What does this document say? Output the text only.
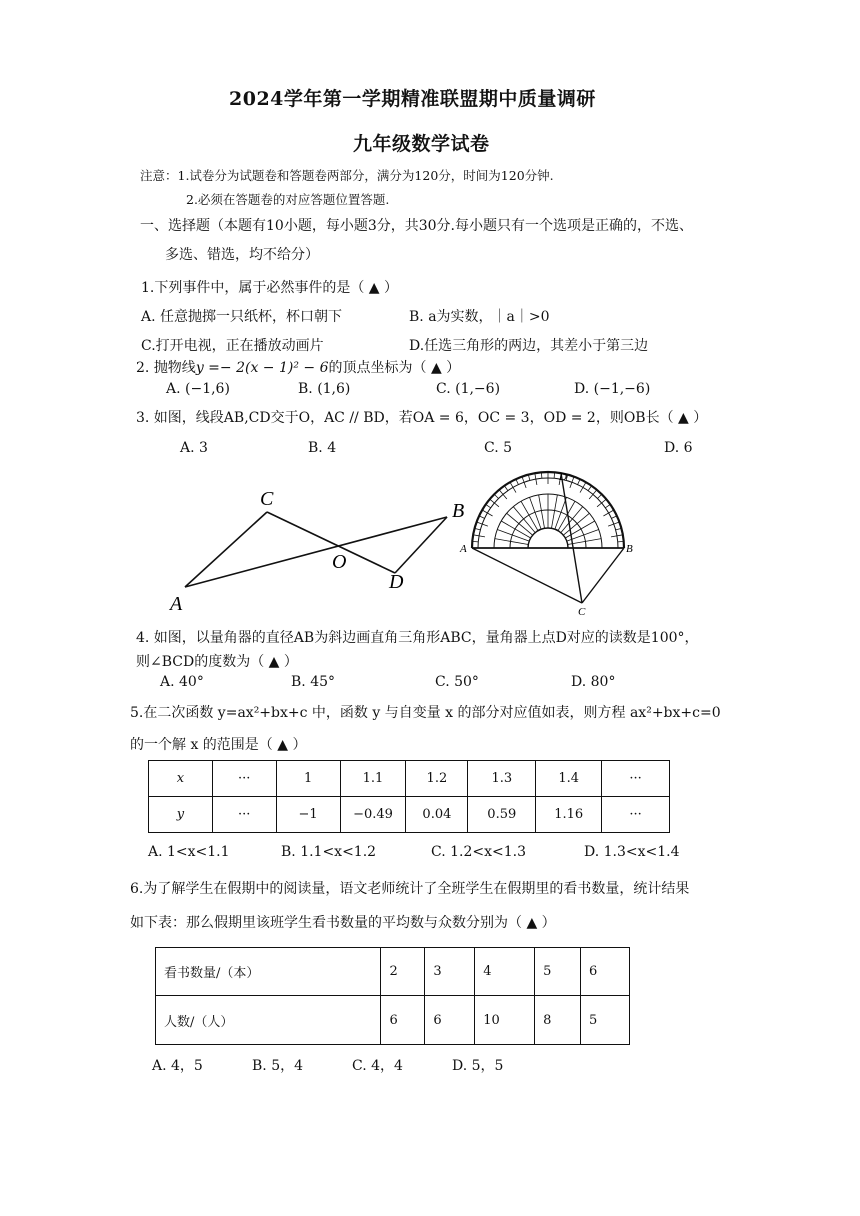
2024学年第一学期精准联盟期中质量调研
九年级数学试卷
注意：1.试卷分为试题卷和答题卷两部分，满分为120分，时间为120分钟.
2.必须在答题卷的对应答题位置答题.
一、选择题（本题有10小题，每小题3分，共30分.每小题只有一个选项是正确的，不选、
多选、错选，均不给分）
1.下列事件中，属于必然事件的是（ ▲ ）
A. 任意抛掷一只纸杯，杯口朝下	B. a为实数，｜a｜>0
C.打开电视，正在播放动画片	D.任选三角形的两边，其差小于第三边
2. 抛物线y =− 2(x − 1)² − 6的顶点坐标为（ ▲ ）
A. (−1,6)	B. (1,6)	C. (1,−6)	D. (−1,−6)
3. 如图，线段AB,CD交于O，AC // BD，若OA = 6，OC = 3，OD = 2，则OB长（ ▲ ）
A. 3	B. 4	C. 5	D. 6
A
C
B
O
D
A	B
C
D
4. 如图，以量角器的直径AB为斜边画直角三角形ABC，量角器上点D对应的读数是100°，
则∠BCD的度数为（ ▲ ）
A. 40°	B. 45°	C. 50°	D. 80°
5.在二次函数 y=ax²+bx+c 中，函数 y 与自变量 x 的部分对应值如表，则方程 ax²+bx+c=0
的一个解 x 的范围是（ ▲ ）
x	···	1	1.1	1.2	1.3	1.4	···
y	···	−1	−0.49	0.04	0.59	1.16	···
A. 1<x<1.1	B. 1.1<x<1.2	C. 1.2<x<1.3	D. 1.3<x<1.4
6.为了解学生在假期中的阅读量，语文老师统计了全班学生在假期里的看书数量，统计结果
如下表：那么假期里该班学生看书数量的平均数与众数分别为（ ▲ ）
看书数量/（本）	2	3	4	5	6
人数/（人）	6	6	10	8	5
A. 4，5	B. 5，4	C. 4，4	D. 5，5
